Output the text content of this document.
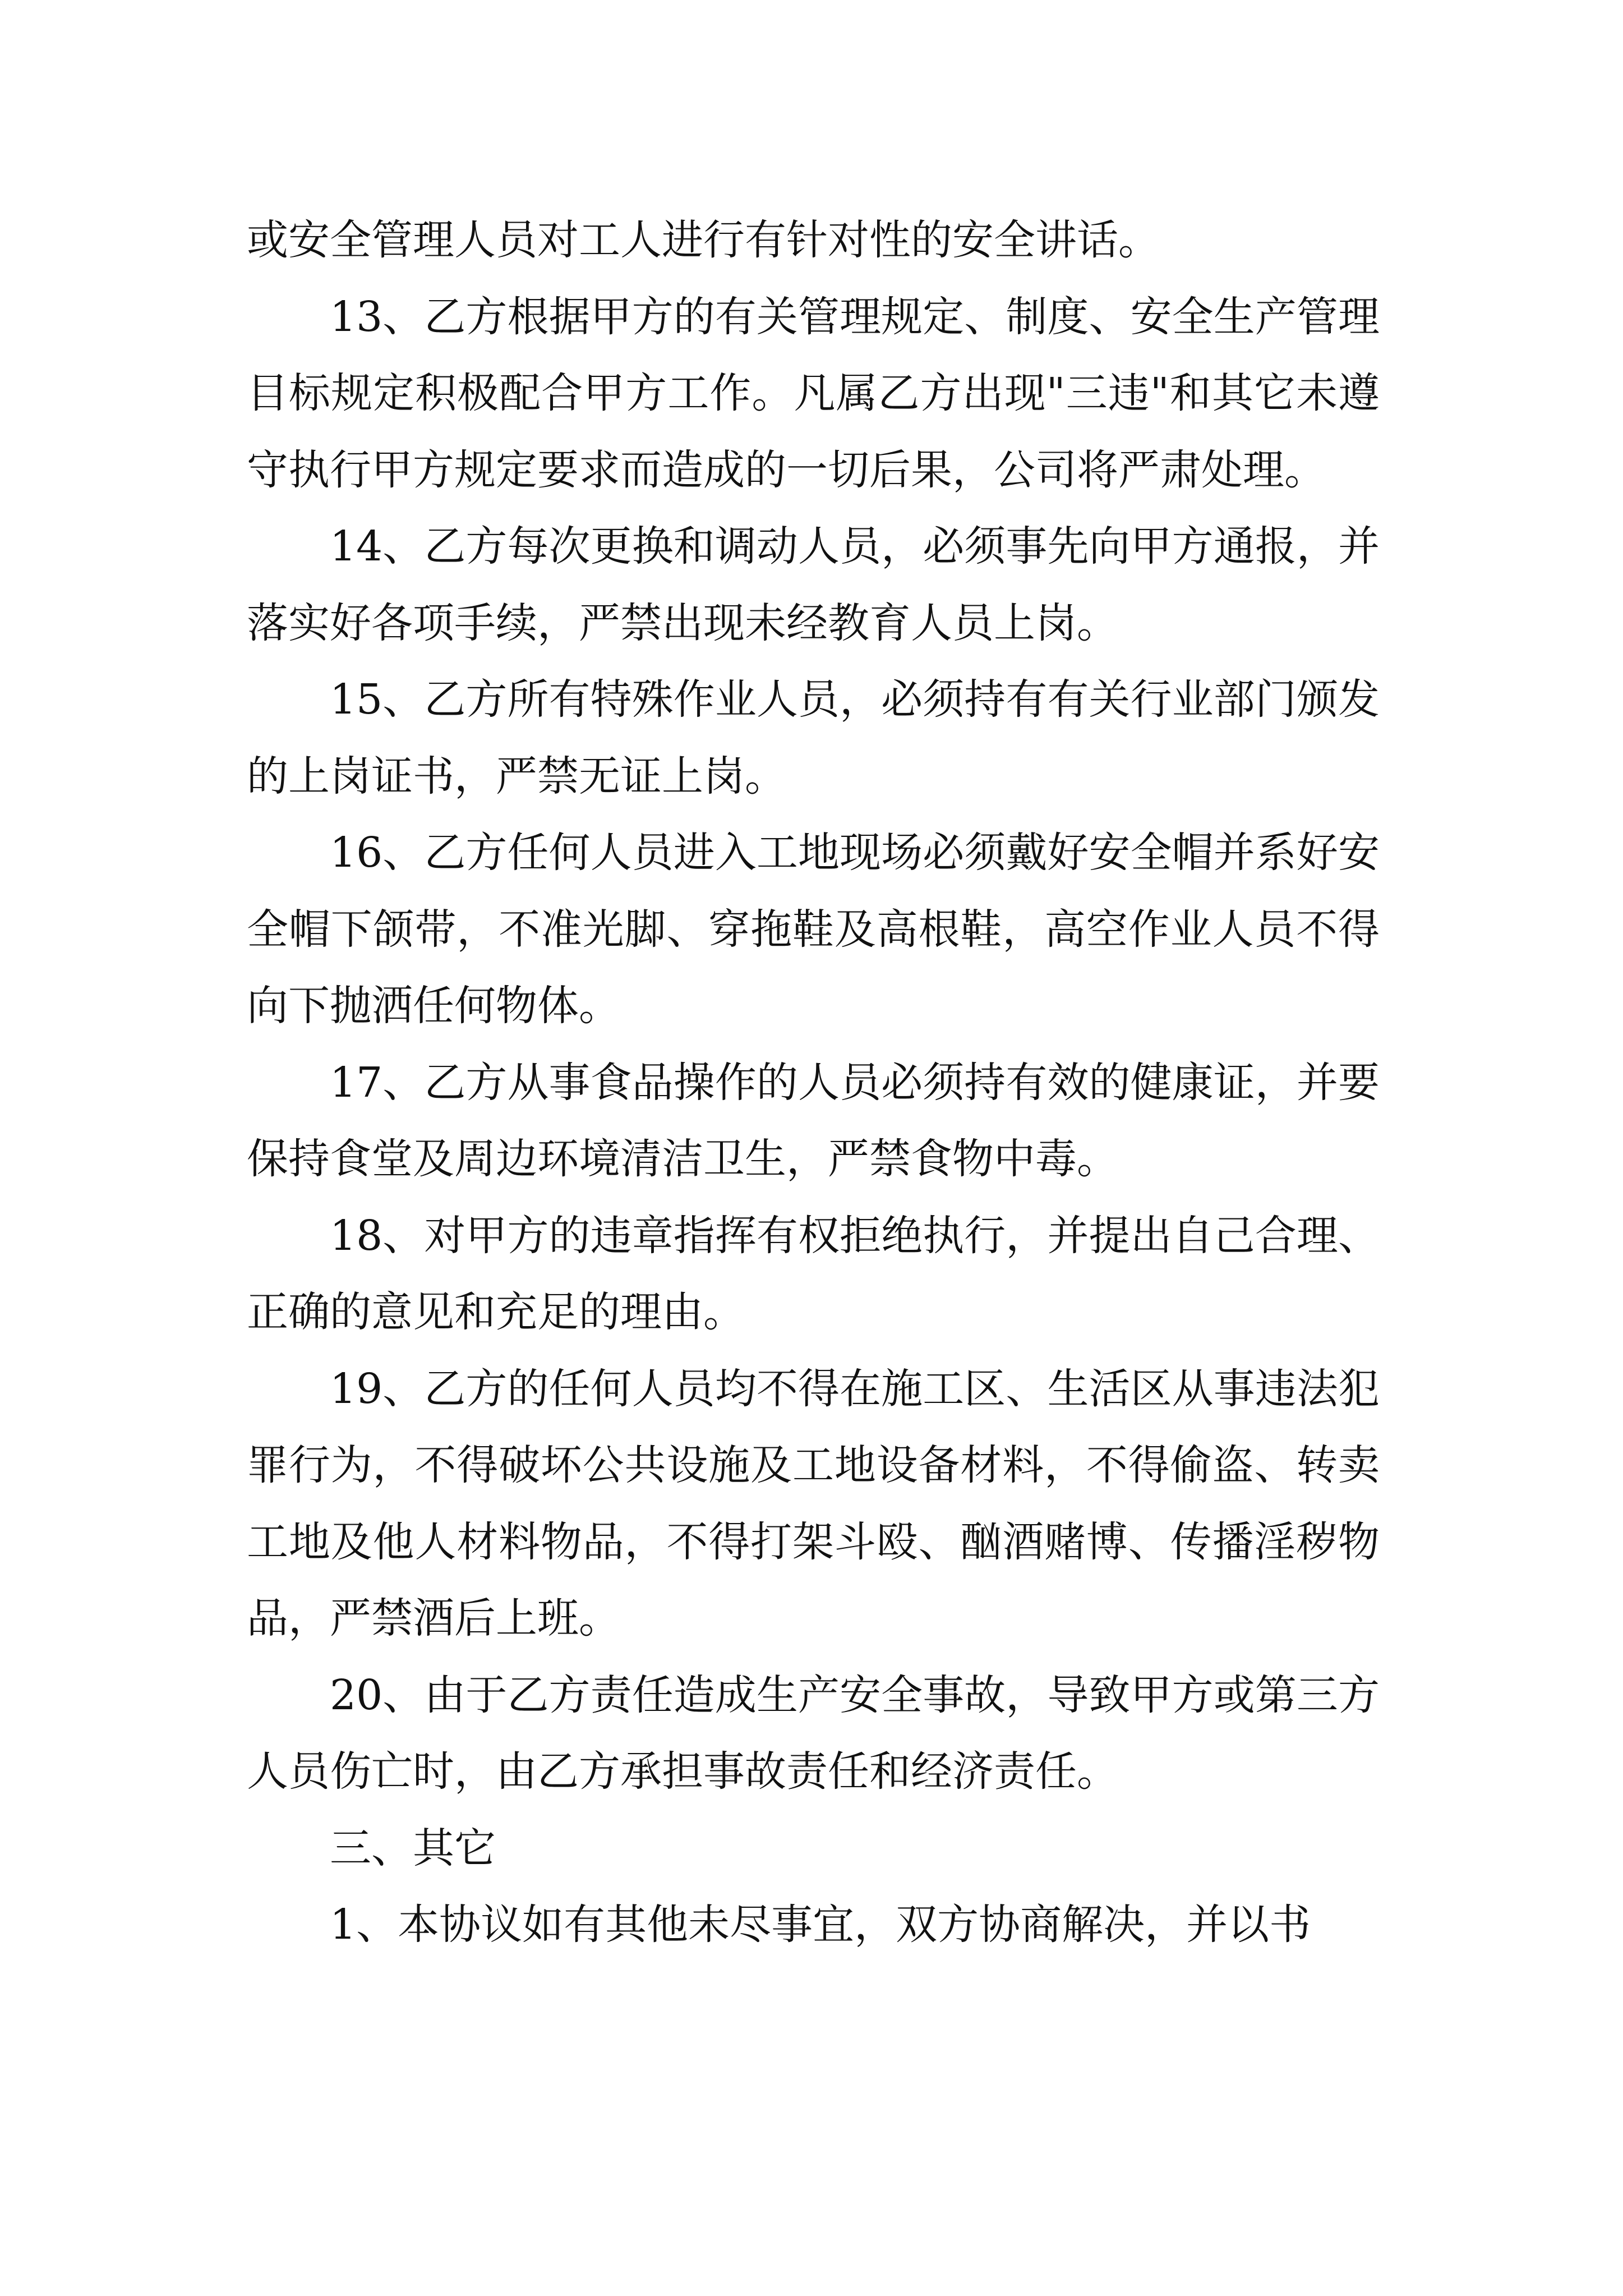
或安全管理人员对工人进行有针对性的安全讲话。

13、乙方根据甲方的有关管理规定、制度、安全生产管理目标规定积极配合甲方工作。凡属乙方出现"三违"和其它未遵守执行甲方规定要求而造成的一切后果，公司将严肃处理。

14、乙方每次更换和调动人员，必须事先向甲方通报，并落实好各项手续，严禁出现未经教育人员上岗。

15、乙方所有特殊作业人员，必须持有有关行业部门颁发的上岗证书，严禁无证上岗。

16、乙方任何人员进入工地现场必须戴好安全帽并系好安全帽下颌带，不准光脚、穿拖鞋及高根鞋，高空作业人员不得向下抛洒任何物体。

17、乙方从事食品操作的人员必须持有效的健康证，并要保持食堂及周边环境清洁卫生，严禁食物中毒。

18、对甲方的违章指挥有权拒绝执行，并提出自己合理、正确的意见和充足的理由。

19、乙方的任何人员均不得在施工区、生活区从事违法犯罪行为，不得破坏公共设施及工地设备材料，不得偷盗、转卖工地及他人材料物品，不得打架斗殴、酗酒赌博、传播淫秽物品，严禁酒后上班。

20、由于乙方责任造成生产安全事故，导致甲方或第三方人员伤亡时，由乙方承担事故责任和经济责任。

三、其它

1、本协议如有其他未尽事宜，双方协商解决，并以书
